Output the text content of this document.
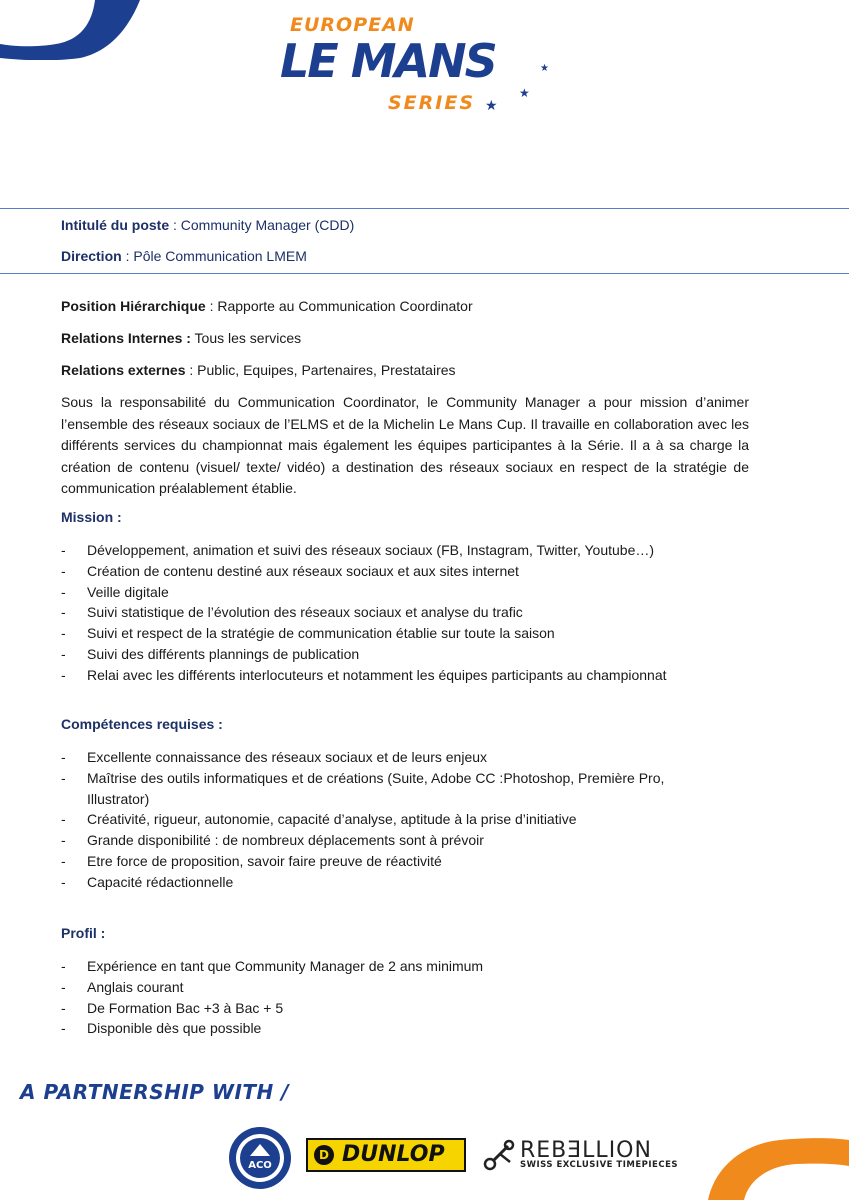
EUROPEAN
LE MANS
SERIES ★
★
★
Intitulé du poste : Community Manager (CDD)
Direction : Pôle Communication LMEM
Position Hiérarchique : Rapporte au Communication Coordinator
Relations Internes : Tous les services
Relations externes : Public, Equipes, Partenaires, Prestataires
Sous la responsabilité du Communication Coordinator, le Community Manager a pour mission d’animer l’ensemble des réseaux sociaux de l’ELMS et de la Michelin Le Mans Cup. Il travaille en collaboration avec les différents services du championnat mais également les équipes participantes à la Série. Il a à sa charge la création de contenu (visuel/ texte/ vidéo) a destination des réseaux sociaux en respect de la stratégie de communication préalablement établie.
Mission :
- Développement, animation et suivi des réseaux sociaux (FB, Instagram, Twitter, Youtube…)
- Création de contenu destiné aux réseaux sociaux et aux sites internet
- Veille digitale
- Suivi statistique de l’évolution des réseaux sociaux et analyse du trafic
- Suivi et respect de la stratégie de communication établie sur toute la saison
- Suivi des différents plannings de publication
- Relai avec les différents interlocuteurs et notamment les équipes participants au championnat
Compétences requises :
- Excellente connaissance des réseaux sociaux et de leurs enjeux
- Maîtrise des outils informatiques et de créations (Suite, Adobe CC :Photoshop, Première Pro, Illustrator)
- Créativité, rigueur, autonomie, capacité d’analyse, aptitude à la prise d’initiative
- Grande disponibilité : de nombreux déplacements sont à prévoir
- Etre force de proposition, savoir faire preuve de réactivité
- Capacité rédactionnelle
Profil :
- Expérience en tant que Community Manager de 2 ans minimum
- Anglais courant
- De Formation Bac +3 à Bac + 5
- Disponible dès que possible
A PARTNERSHIP WITH /
ACO
D DUNLOP	REBƎLLION
SWISS EXCLUSIVE TIMEPIECES
